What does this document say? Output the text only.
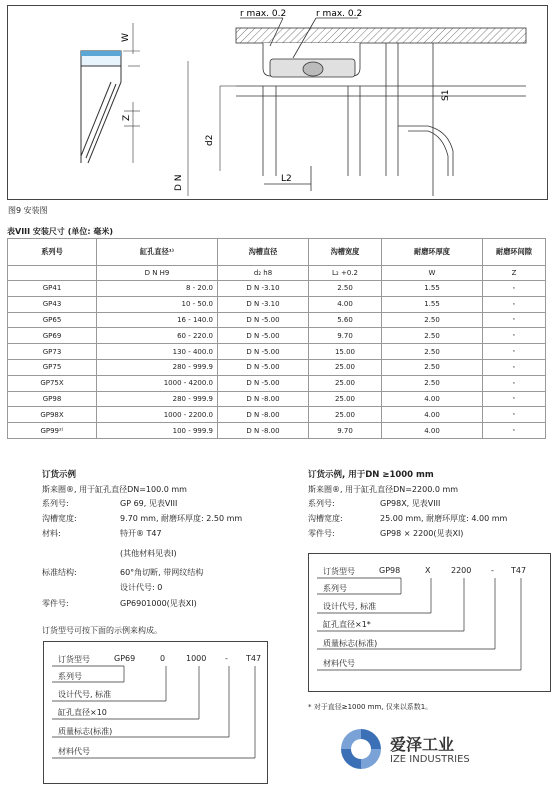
r max. 0.2	r max. 0.2
W
Z
d2
D N
S1
L2
图9 安装图
表VIII 安装尺寸 (单位: 毫米)
系列号	缸孔直径¹⁾	沟槽直径	沟槽宽度	耐磨环厚度	耐磨环间隙
	D N H9	d₂ h8	L₂ +0.2	W	Z
GP41	8 - 20.0	D N -3.10	2.50	1.55	³⁾
GP43	10 - 50.0	D N -3.10	4.00	1.55	³⁾
GP65	16 - 140.0	D N -5.00	5.60	2.50	³⁾
GP69	60 - 220.0	D N -5.00	9.70	2.50	³⁾
GP73	130 - 400.0	D N -5.00	15.00	2.50	³⁾
GP75	280 - 999.9	D N -5.00	25.00	2.50	³⁾
GP75X	1000 - 4200.0	D N -5.00	25.00	2.50	³⁾
GP98	280 - 999.9	D N -8.00	25.00	4.00	³⁾
GP98X	1000 - 2200.0	D N -8.00	25.00	4.00	³⁾
GP99²⁾	100 - 999.9	D N -8.00	9.70	4.00	³⁾
订货示例
斯来圈®, 用于缸孔直径DN=100.0 mm
系列号:	GP 69, 见表VIII
沟槽宽度:	9.70 mm, 耐磨环厚度: 2.50 mm
材料:	特开® T47
(其他材料见表I)
标准结构:	60°角切断, 带网纹结构
设计代号: 0
零件号:	GP6901000(见表XI)
订货型号可按下面的示例来构成。
订货型号	GP69	0	1000 - T47
系列号
设计代号, 标准
缸孔直径×10
质量标志(标准)
材料代号
订货示例, 用于DN ≥1000 mm
斯来圈®, 用于缸孔直径DN=2200.0 mm
系列号:	GP98X, 见表VIII
沟槽宽度:	25.00 mm, 耐磨环厚度: 4.00 mm
零件号:	GP98 × 2200(见表XI)
订货型号	GP98	X	2200 - T47
系列号
设计代号, 标准
缸孔直径×1*
质量标志(标准)
材料代号
* 对于直径≥1000 mm, 仅来以系数1。
爱泽工业
IZE INDUSTRIES
